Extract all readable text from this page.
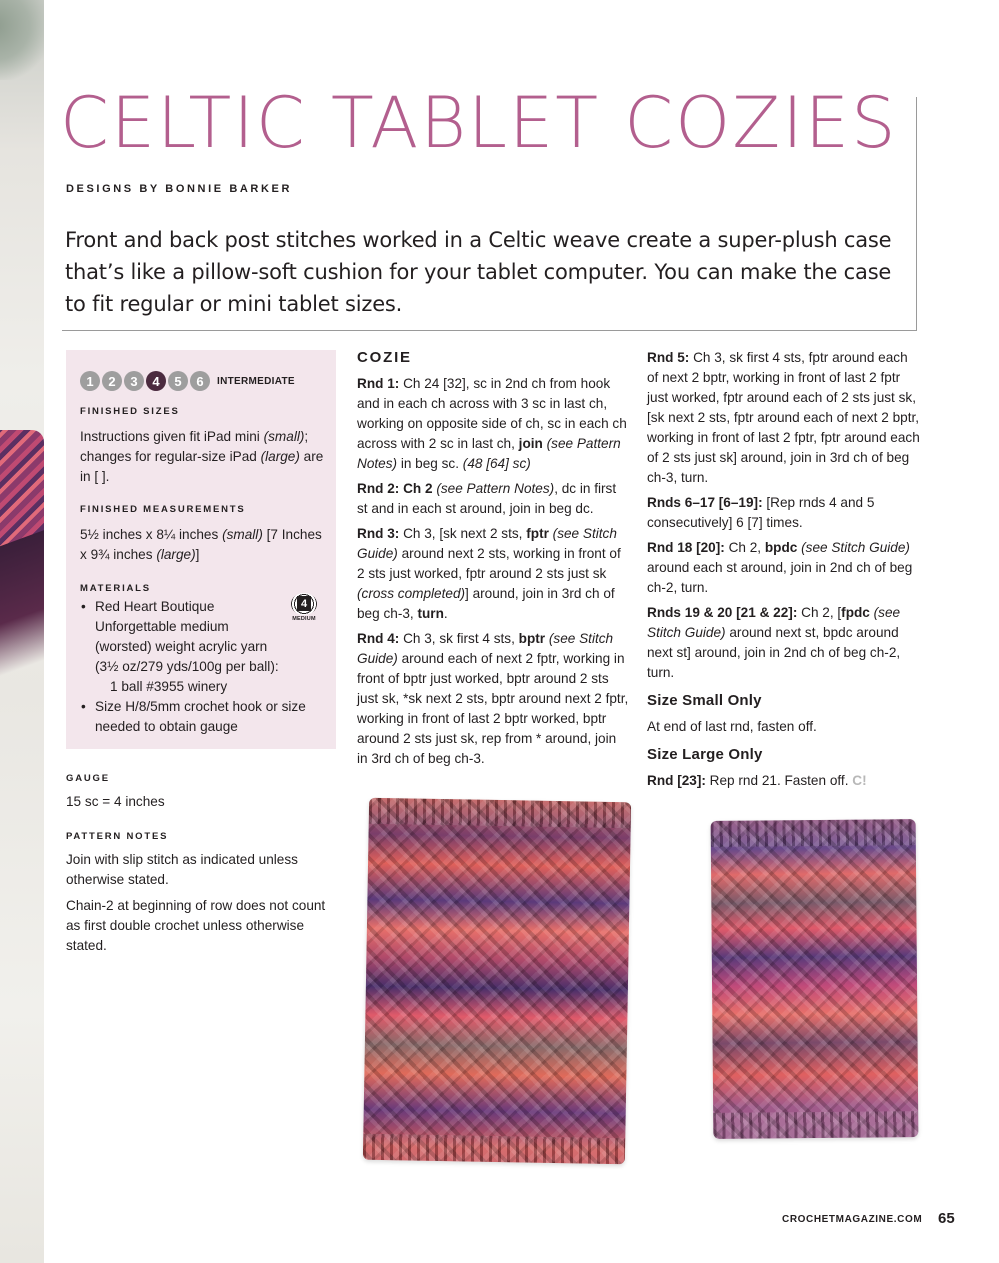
CELTIC TABLET COZIES
DESIGNS BY BONNIE BARKER
Front and back post stitches worked in a Celtic weave create a super-plush case that’s like a pillow-soft cushion for your tablet computer. You can make the case to fit regular or mini tablet sizes.
1	2	3	4	5	6	INTERMEDIATE
FINISHED SIZES
Instructions given fit iPad mini (small); changes for regular-size iPad (large) are in [ ].
FINISHED MEASUREMENTS
5½ inches x 8¼ inches (small) [7 Inches x 9¾ inches (large)]
MATERIALS
4
MEDIUM
• Red Heart Boutique Unforgettable medium (worsted) weight acrylic yarn (3½ oz/279 yds/100g per ball):
1 ball #3955 winery
• Size H/8/5mm crochet hook or size needed to obtain gauge
GAUGE
15 sc = 4 inches
PATTERN NOTES
Join with slip stitch as indicated unless otherwise stated.
Chain-2 at beginning of row does not count as first double crochet unless otherwise stated.
COZIE
Rnd 1: Ch 24 [32], sc in 2nd ch from hook and in each ch across with 3 sc in last ch, working on opposite side of ch, sc in each ch across with 2 sc in last ch, join (see Pattern Notes) in beg sc. (48 [64] sc)
Rnd 2: Ch 2 (see Pattern Notes), dc in first st and in each st around, join in beg dc.
Rnd 3: Ch 3, [sk next 2 sts, fptr (see Stitch Guide) around next 2 sts, working in front of 2 sts just worked, fptr around 2 sts just sk (cross completed)] around, join in 3rd ch of beg ch-3, turn.
Rnd 4: Ch 3, sk first 4 sts, bptr (see Stitch Guide) around each of next 2 fptr, working in front of bptr just worked, bptr around 2 sts just sk, *sk next 2 sts, bptr around next 2 fptr, working in front of last 2 bptr worked, bptr around 2 sts just sk, rep from * around, join in 3rd ch of beg ch-3.
Rnd 5: Ch 3, sk first 4 sts, fptr around each of next 2 bptr, working in front of last 2 fptr just worked, fptr around each of 2 sts just sk, [sk next 2 sts, fptr around each of next 2 bptr, working in front of last 2 fptr, fptr around each of 2 sts just sk] around, join in 3rd ch of beg ch-3, turn.
Rnds 6–17 [6–19]: [Rep rnds 4 and 5 consecutively] 6 [7] times.
Rnd 18 [20]: Ch 2, bpdc (see Stitch Guide) around each st around, join in 2nd ch of beg ch-2, turn.
Rnds 19 & 20 [21 & 22]: Ch 2, [fpdc (see Stitch Guide) around next st, bpdc around next st] around, join in 2nd ch of beg ch-2, turn.
Size Small Only
At end of last rnd, fasten off.
Size Large Only
Rnd [23]: Rep rnd 21. Fasten off. C!
CROCHETMAGAZINE.COM 65
